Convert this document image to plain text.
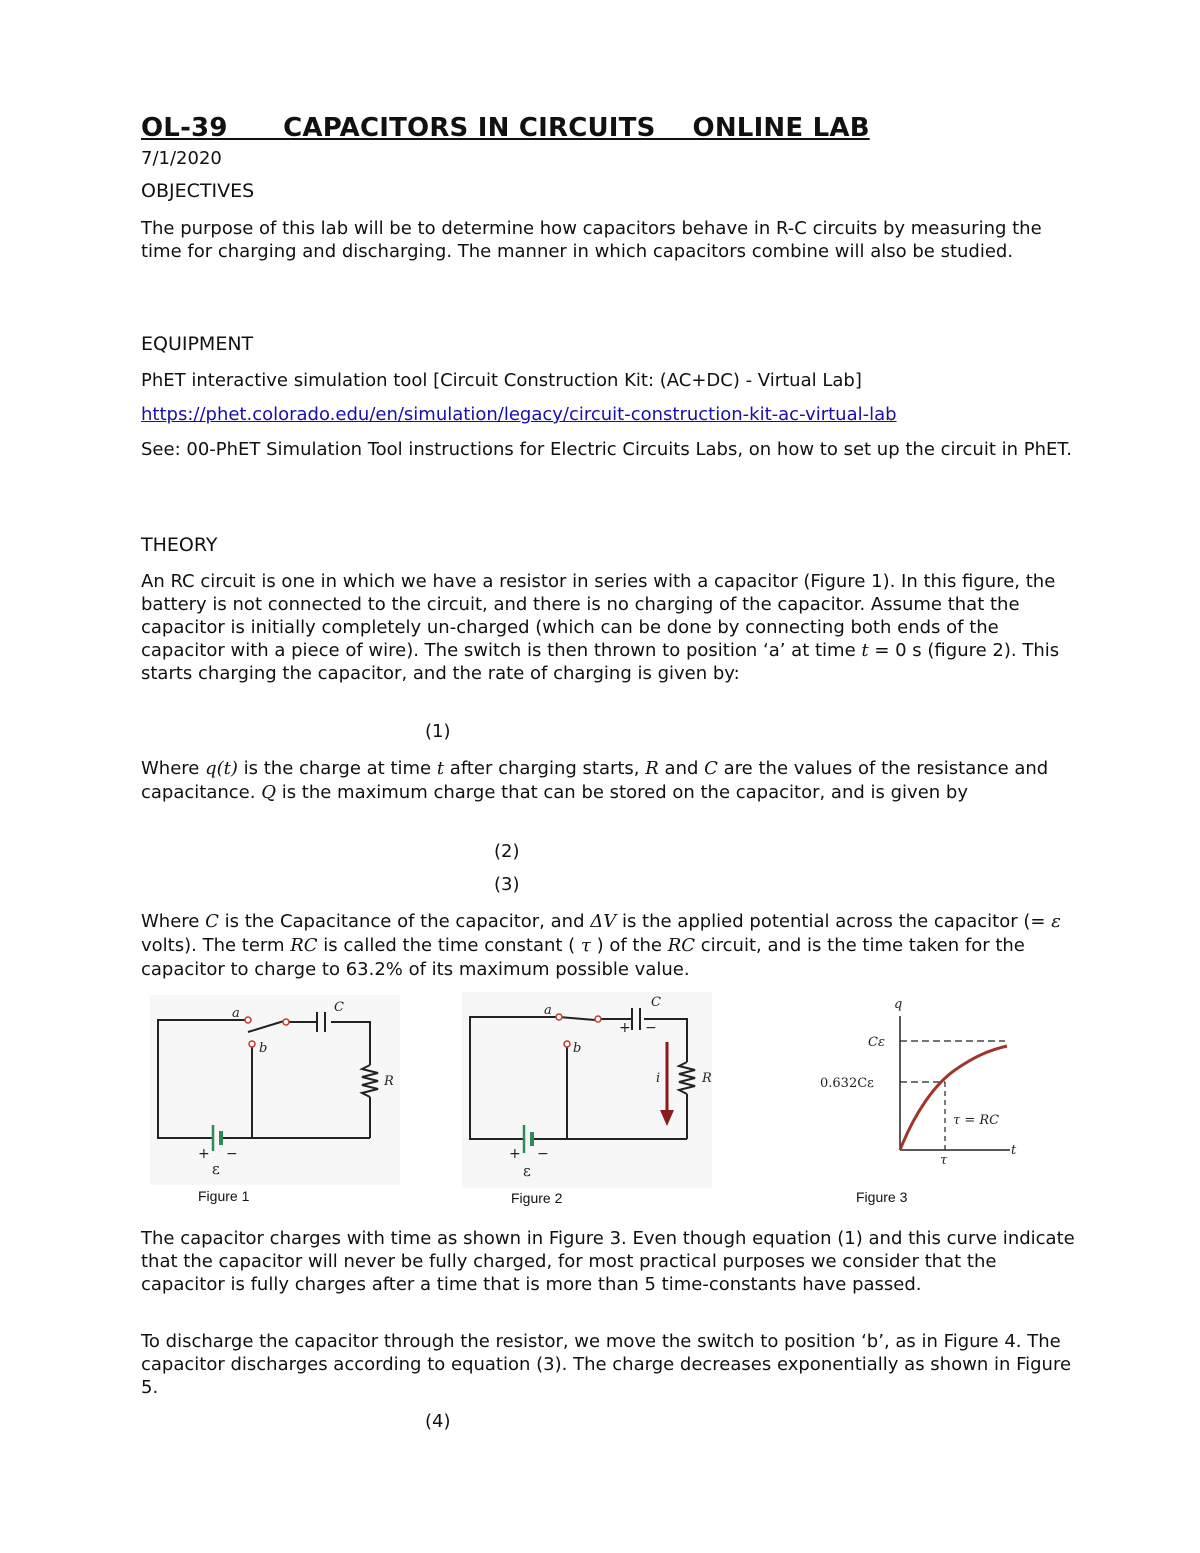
OL-39      CAPACITORS IN CIRCUITS    ONLINE LAB
7/1/2020
OBJECTIVES
The purpose of this lab will be to determine how capacitors behave in R-C circuits by measuring the time for charging and discharging. The manner in which capacitors combine will also be studied.
EQUIPMENT
PhET interactive simulation tool [Circuit Construction Kit: (AC+DC) - Virtual Lab]
https://phet.colorado.edu/en/simulation/legacy/circuit-construction-kit-ac-virtual-lab
See: 00-PhET Simulation Tool instructions for Electric Circuits Labs, on how to set up the circuit in PhET.
THEORY
An RC circuit is one in which we have a resistor in series with a capacitor (Figure 1). In this figure, the battery is not connected to the circuit, and there is no charging of the capacitor. Assume that the capacitor is initially completely un-charged (which can be done by connecting both ends of the capacitor with a piece of wire). The switch is then thrown to position ‘a’ at time t = 0 s (figure 2). This starts charging the capacitor, and the rate of charging is given by:
(1)
Where q(t) is the charge at time t after charging starts, R and C are the values of the resistance and capacitance. Q is the maximum charge that can be stored on the capacitor, and is given by
(2)
(3)
Where C is the Capacitance of the capacitor, and ΔV is the applied potential across the capacitor (= ε volts). The term RC is called the time constant ( τ ) of the RC circuit, and is the time taken for the capacitor to charge to 63.2% of its maximum possible value.
The capacitor charges with time as shown in Figure 3. Even though equation (1) and this curve indicate that the capacitor will never be fully charged, for most practical purposes we consider that the capacitor is fully charges after a time that is more than 5 time-constants have passed.
To discharge the capacitor through the resistor, we move the switch to position ‘b’, as in Figure 4. The capacitor discharges according to equation (3). The charge decreases exponentially as shown in Figure 5.
(4)
a
b
C
R
+ −
ε
Figure 1
a
b
C
R
i
+ −
+ −
ε
Figure 2
q
t
Cε
0.632Cε
τ
τ = RC
Figure 3
